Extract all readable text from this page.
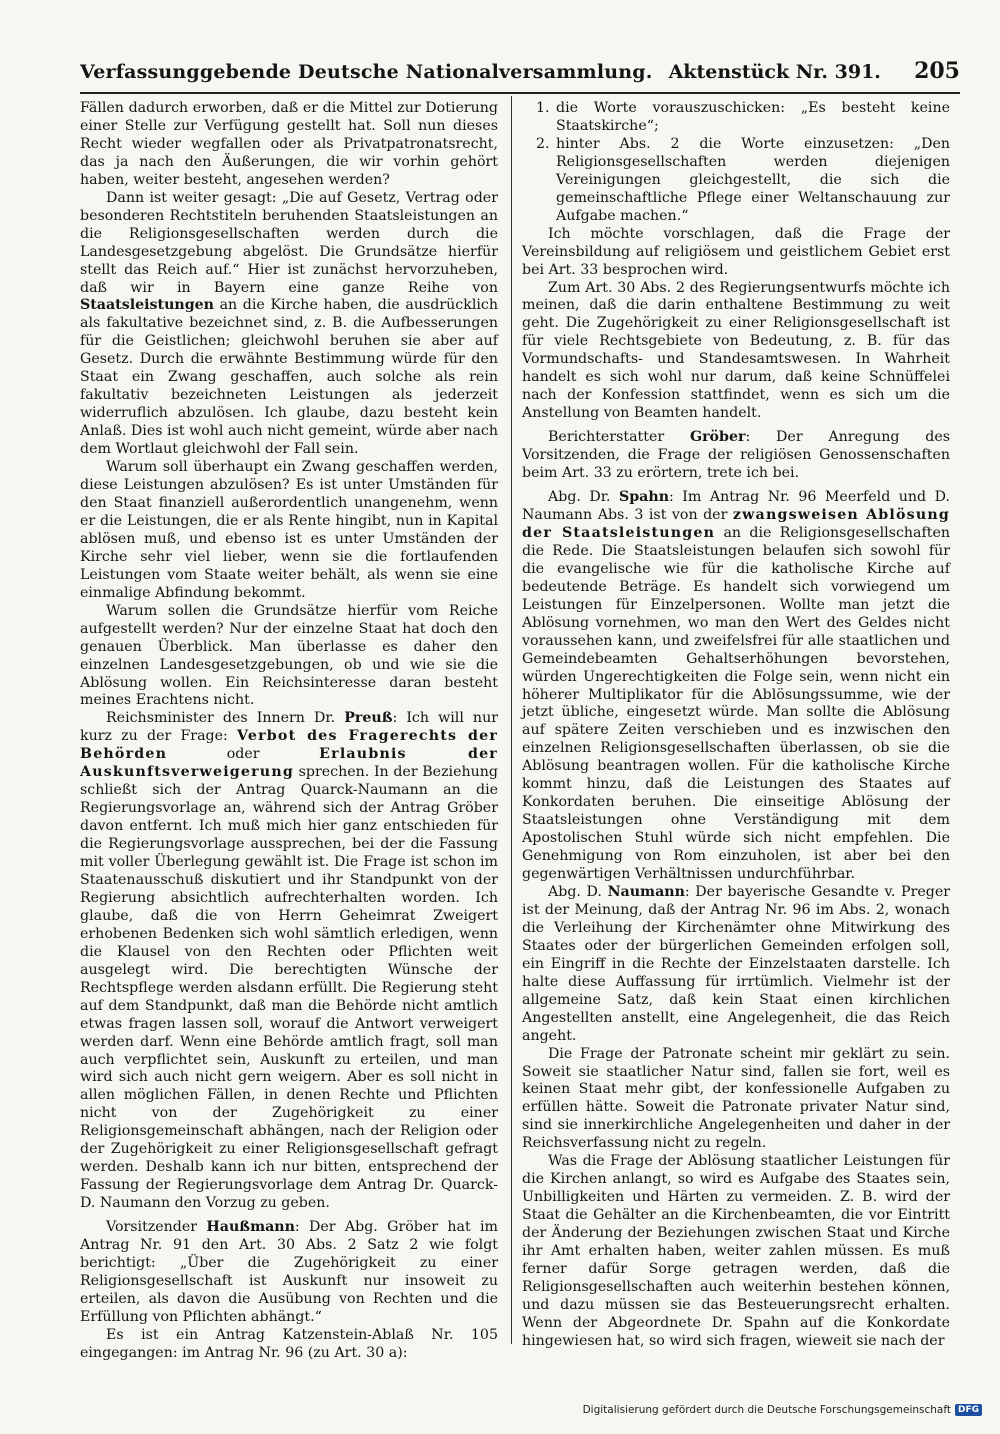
Verfassunggebende Deutsche Nationalversammlung. Aktenstück Nr. 391. 205

Fällen dadurch erworben, daß er die Mittel zur Dotierung einer Stelle zur Verfügung gestellt hat. Soll nun dieses Recht wieder wegfallen oder als Privatpatronatsrecht, das ja nach den Äußerungen, die wir vorhin gehört haben, weiter besteht, angesehen werden?

Dann ist weiter gesagt: „Die auf Gesetz, Vertrag oder besonderen Rechtstiteln beruhenden Staatsleistungen an die Religionsgesellschaften werden durch die Landesgesetzgebung abgelöst. Die Grundsätze hierfür stellt das Reich auf.“ Hier ist zunächst hervorzuheben, daß wir in Bayern eine ganze Reihe von Staatsleistungen an die Kirche haben, die ausdrücklich als fakultative bezeichnet sind, z. B. die Aufbesserungen für die Geistlichen; gleichwohl beruhen sie aber auf Gesetz. Durch die erwähnte Bestimmung würde für den Staat ein Zwang geschaffen, auch solche als rein fakultativ bezeichneten Leistungen als jederzeit widerruflich abzulösen. Ich glaube, dazu besteht kein Anlaß. Dies ist wohl auch nicht gemeint, würde aber nach dem Wortlaut gleichwohl der Fall sein.

Warum soll überhaupt ein Zwang geschaffen werden, diese Leistungen abzulösen? Es ist unter Umständen für den Staat finanziell außerordentlich unangenehm, wenn er die Leistungen, die er als Rente hingibt, nun in Kapital ablösen muß, und ebenso ist es unter Umständen der Kirche sehr viel lieber, wenn sie die fortlaufenden Leistungen vom Staate weiter behält, als wenn sie eine einmalige Abfindung bekommt.

Warum sollen die Grundsätze hierfür vom Reiche aufgestellt werden? Nur der einzelne Staat hat doch den genauen Überblick. Man überlasse es daher den einzelnen Landesgesetzgebungen, ob und wie sie die Ablösung wollen. Ein Reichsinteresse daran besteht meines Erachtens nicht.

Reichsminister des Innern Dr. Preuß: Ich will nur kurz zu der Frage: Verbot des Fragerechts der Behörden	oder	Erlaubnis der Auskunftsverweigerung sprechen. In der Beziehung schließt sich der Antrag Quarck-Naumann an die Regierungsvorlage an, während sich der Antrag Gröber davon entfernt. Ich muß mich hier ganz entschieden für die Regierungsvorlage aussprechen, bei der die Fassung mit voller Überlegung gewählt ist. Die Frage ist schon im Staatenausschuß diskutiert und ihr Standpunkt von der Regierung absichtlich aufrechterhalten worden. Ich glaube, daß die von Herrn Geheimrat Zweigert erhobenen Bedenken sich wohl sämtlich erledigen, wenn die Klausel von den Rechten oder Pflichten weit ausgelegt wird. Die berechtigten Wünsche der Rechtspflege werden alsdann erfüllt. Die Regierung steht auf dem Standpunkt, daß man die Behörde nicht amtlich etwas fragen lassen soll, worauf die Antwort verweigert werden darf. Wenn eine Behörde amtlich fragt, soll man auch verpflichtet sein, Auskunft zu erteilen, und man wird sich auch nicht gern weigern. Aber es soll nicht in allen möglichen Fällen, in denen Rechte und Pflichten nicht von der Zugehörigkeit zu einer Religionsgemeinschaft abhängen, nach der Religion oder der Zugehörigkeit zu einer Religionsgesellschaft gefragt werden. Deshalb kann ich nur bitten, entsprechend der Fassung der Regierungsvorlage dem Antrag Dr. Quarck-D. Naumann den Vorzug zu geben.

Vorsitzender Haußmann: Der Abg. Gröber hat im Antrag Nr. 91 den Art. 30 Abs. 2 Satz 2 wie folgt berichtigt: „Über die Zugehörigkeit zu einer Religionsgesellschaft ist Auskunft nur insoweit zu erteilen, als davon die Ausübung von Rechten und die Erfüllung von Pflichten abhängt.“

Es ist ein Antrag Katzenstein-Ablaß Nr. 105 eingegangen: im Antrag Nr. 96 (zu Art. 30 a):

1. die Worte vorauszuschicken: „Es besteht keine Staatskirche“;
2. hinter Abs. 2 die Worte einzusetzen: „Den Religionsgesellschaften werden diejenigen Vereinigungen gleichgestellt, die sich die gemeinschaftliche Pflege einer Weltanschauung zur Aufgabe machen.“

Ich möchte vorschlagen, daß die Frage der Vereinsbildung auf religiösem und geistlichem Gebiet erst bei Art. 33 besprochen wird.

Zum Art. 30 Abs. 2 des Regierungsentwurfs möchte ich meinen, daß die darin enthaltene Bestimmung zu weit geht. Die Zugehörigkeit zu einer Religionsgesellschaft ist für viele Rechtsgebiete von Bedeutung, z. B. für das Vormundschafts- und Standesamtswesen. In Wahrheit handelt es sich wohl nur darum, daß keine Schnüffelei nach der Konfession stattfindet, wenn es sich um die Anstellung von Beamten handelt.

Berichterstatter Gröber: Der Anregung des Vorsitzenden, die Frage der religiösen Genossenschaften beim Art. 33 zu erörtern, trete ich bei.

Abg. Dr. Spahn: Im Antrag Nr. 96 Meerfeld und D. Naumann Abs. 3 ist von der zwangsweisen Ablösung der Staatsleistungen an die Religionsgesellschaften die Rede. Die Staatsleistungen belaufen sich sowohl für die evangelische wie für die katholische Kirche auf bedeutende Beträge. Es handelt sich vorwiegend um Leistungen für Einzelpersonen. Wollte man jetzt die Ablösung vornehmen, wo man den Wert des Geldes nicht voraussehen kann, und zweifelsfrei für alle staatlichen und Gemeindebeamten Gehaltserhöhungen bevorstehen, würden Ungerechtigkeiten die Folge sein, wenn nicht ein höherer Multiplikator für die Ablösungssumme, wie der jetzt übliche, eingesetzt würde. Man sollte die Ablösung auf spätere Zeiten verschieben und es inzwischen den einzelnen Religionsgesellschaften überlassen, ob sie die Ablösung beantragen wollen. Für die katholische Kirche kommt hinzu, daß die Leistungen des Staates auf Konkordaten beruhen. Die einseitige Ablösung der Staatsleistungen ohne Verständigung mit dem Apostolischen Stuhl würde sich nicht empfehlen. Die Genehmigung von Rom einzuholen, ist aber bei den gegenwärtigen Verhältnissen undurchführbar.

Abg. D. Naumann: Der bayerische Gesandte v. Preger ist der Meinung, daß der Antrag Nr. 96 im Abs. 2, wonach die Verleihung der Kirchenämter ohne Mitwirkung des Staates oder der bürgerlichen Gemeinden erfolgen soll, ein Eingriff in die Rechte der Einzelstaaten darstelle. Ich halte diese Auffassung für irrtümlich. Vielmehr ist der allgemeine Satz, daß kein Staat einen kirchlichen Angestellten anstellt, eine Angelegenheit, die das Reich angeht.

Die Frage der Patronate scheint mir geklärt zu sein. Soweit sie staatlicher Natur sind, fallen sie fort, weil es keinen Staat mehr gibt, der konfessionelle Aufgaben zu erfüllen hätte. Soweit die Patronate privater Natur sind, sind sie innerkirchliche Angelegenheiten und daher in der Reichsverfassung nicht zu regeln.

Was die Frage der Ablösung staatlicher Leistungen für die Kirchen anlangt, so wird es Aufgabe des Staates sein, Unbilligkeiten und Härten zu vermeiden. Z. B. wird der Staat die Gehälter an die Kirchenbeamten, die vor Eintritt der Änderung der Beziehungen zwischen Staat und Kirche ihr Amt erhalten haben, weiter zahlen müssen. Es muß ferner dafür Sorge getragen werden, daß die Religionsgesellschaften auch weiterhin bestehen können, und dazu müssen sie das Besteuerungsrecht erhalten. Wenn der Abgeordnete Dr. Spahn auf die Konkordate hingewiesen hat, so wird sich fragen, wieweit sie nach der

Digitalisierung gefördert durch die Deutsche Forschungsgemeinschaft DFG
